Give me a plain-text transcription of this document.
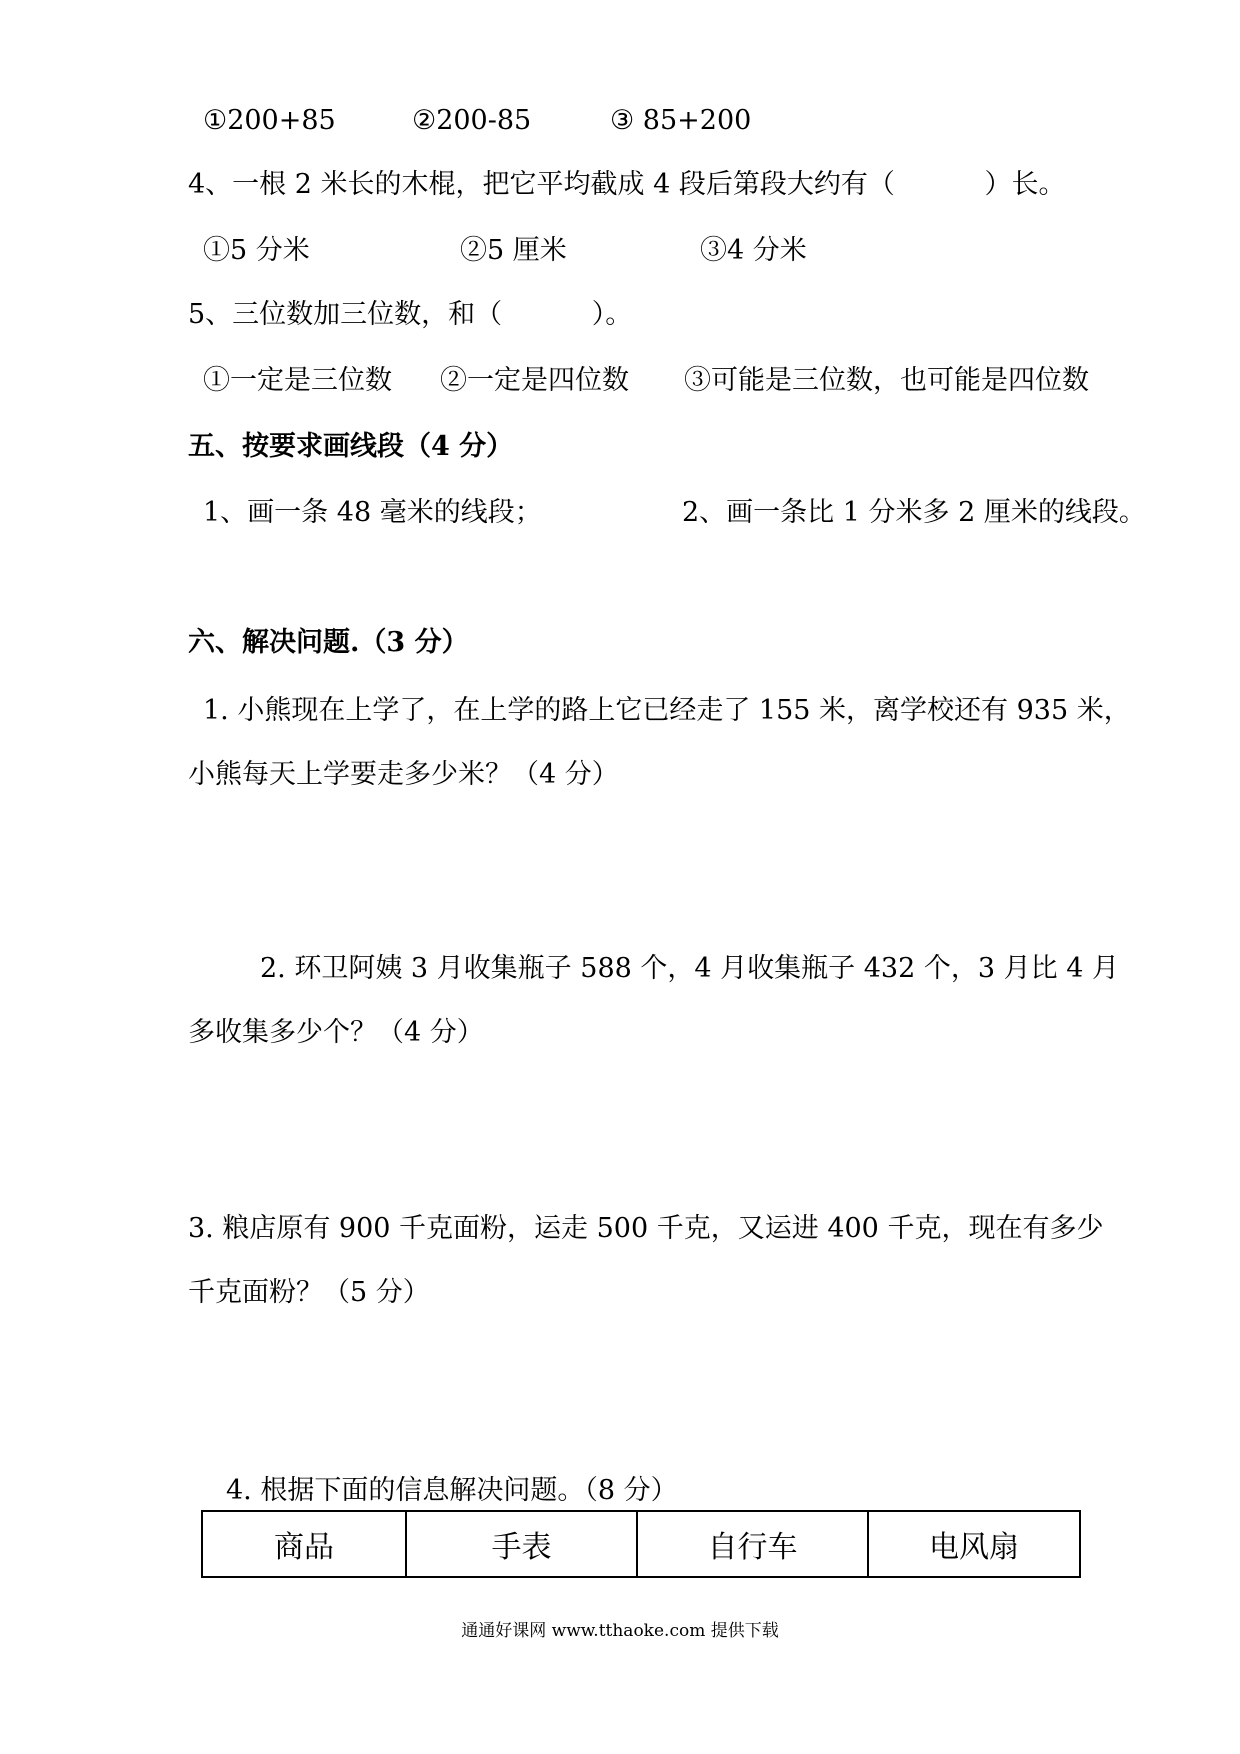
①200+85	②200-85	③ 85+200
4、一根 2 米长的木棍，把它平均截成 4 段后第段大约有（　　　 ）长。
①5 分米	②5 厘米	③4 分米
5、三位数加三位数，和（　　　 ）。
①一定是三位数 ②一定是四位数 ③可能是三位数，也可能是四位数
五、按要求画线段（4 分）
1、画一条 48 毫米的线段；	2、画一条比 1 分米多 2 厘米的线段。
六、解决问题.（3 分）
1. 小熊现在上学了，在上学的路上它已经走了 155 米，离学校还有 935 米，
小熊每天上学要走多少米？（4 分）
2. 环卫阿姨 3 月收集瓶子 588 个，4 月收集瓶子 432 个，3 月比 4 月
多收集多少个？（4 分）
3. 粮店原有 900 千克面粉，运走 500 千克，又运进 400 千克，现在有多少
千克面粉？（5 分）
4. 根据下面的信息解决问题。（8 分）
商品	手表	自行车	电风扇
通通好课网 www.tthaoke.com 提供下载
